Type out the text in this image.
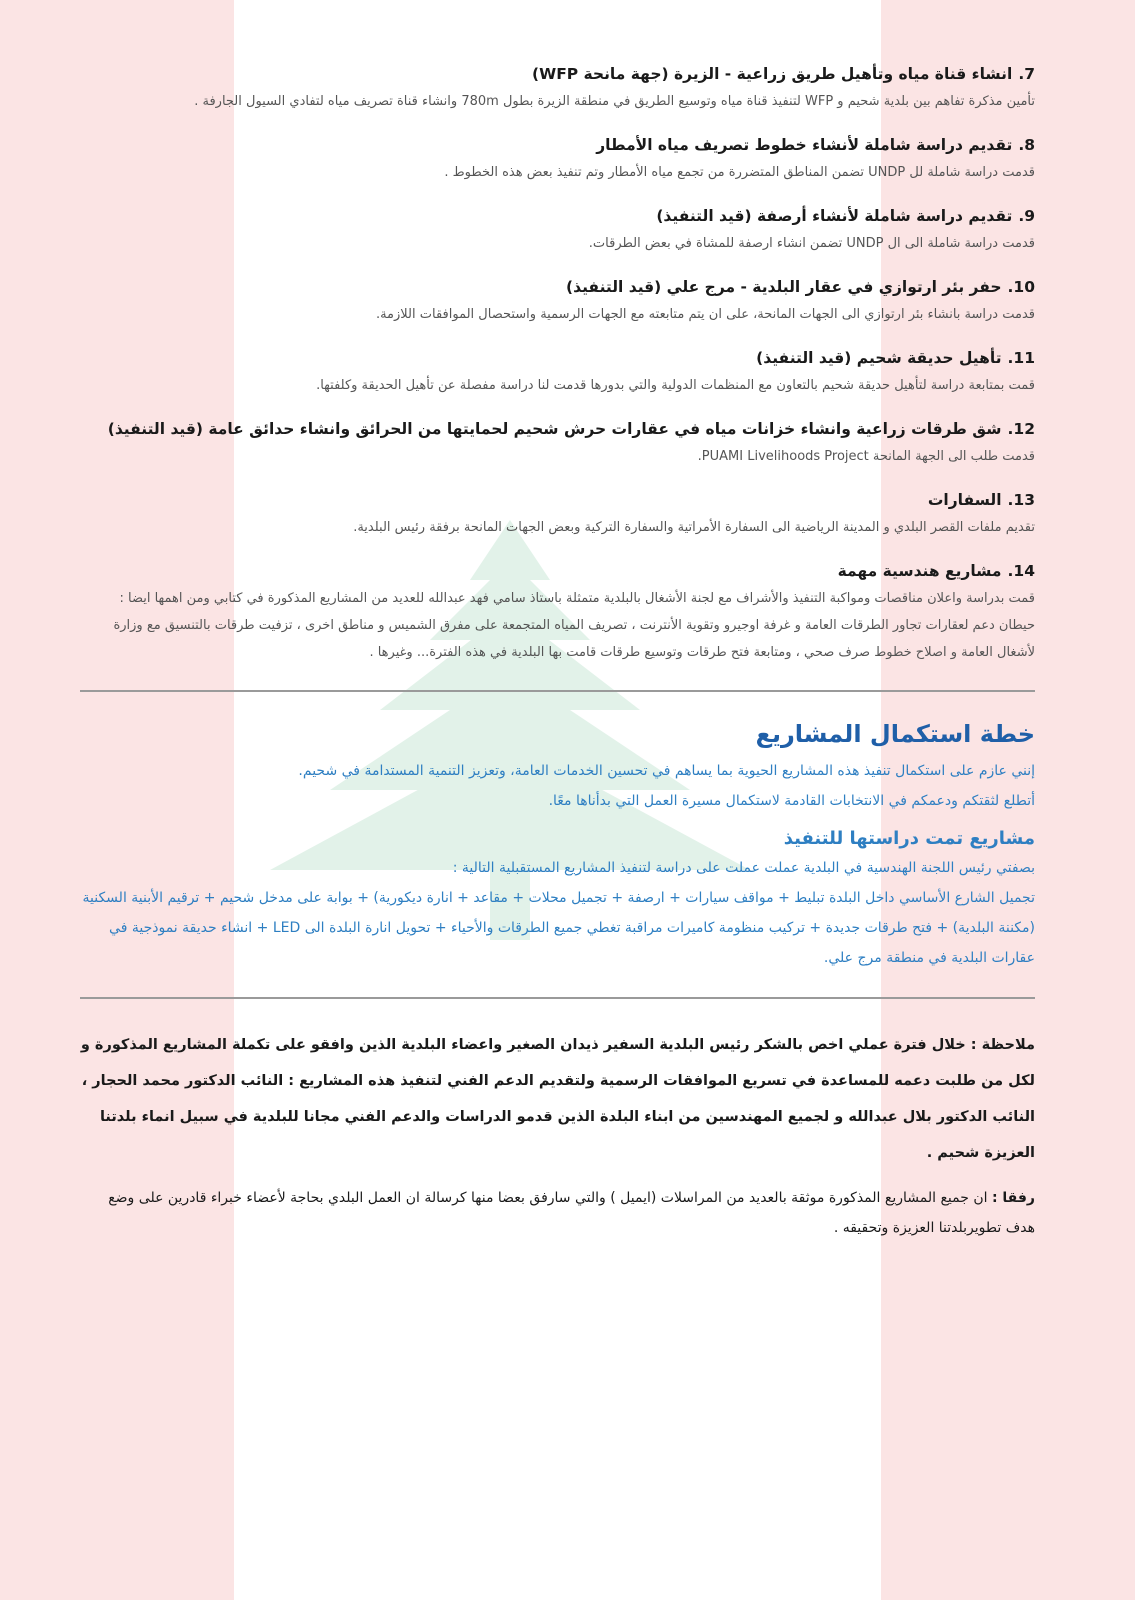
7.
انشاء قناة مياه وتأهيل طريق زراعية - الزيرة (جهة مانحة WFP)

تأمين مذكرة تفاهم بين بلدية شحيم و WFP لتنفيذ قناة مياه وتوسيع الطريق في منطقة الزيرة بطول 780m وانشاء قناة تصريف مياه لتفادي السيول الجارفة .

8.
تقديم دراسة شاملة لأنشاء خطوط تصريف مياه الأمطار

قدمت دراسة شاملة لل UNDP تضمن المناطق المتضررة من تجمع مياه الأمطار وتم تنفيذ بعض هذه الخطوط .

9.
تقديم دراسة شاملة لأنشاء أرصفة (قيد التنفيذ)

قدمت دراسة شاملة الى ال UNDP تضمن انشاء ارصفة للمشاة في بعض الطرقات.

10.
حفر بئر ارتوازي في عقار البلدية - مرج علي (قيد التنفيذ)

قدمت دراسة بانشاء بئر ارتوازي الى الجهات المانحة، على ان يتم متابعته مع الجهات الرسمية واستحصال الموافقات اللازمة.

11.
تأهيل حديقة شحيم (قيد التنفيذ)

قمت بمتابعة دراسة لتأهيل حديقة شحيم بالتعاون مع المنظمات الدولية والتي بدورها قدمت لنا دراسة مفصلة عن تأهيل الحديقة وكلفتها.

12.
شق طرقات زراعية وانشاء خزانات مياه في عقارات حرش شحيم لحمايتها من الحرائق وانشاء حدائق عامة (قيد التنفيذ)

قدمت طلب الى الجهة المانحة PUAMI Livelihoods Project.

13.
السفارات

تقديم ملفات القصر البلدي و المدينة الرياضية الى السفارة الأمراتية والسفارة التركية وبعض الجهات المانحة برفقة رئيس البلدية.

14.
مشاريع هندسية مهمة

قمت بدراسة واعلان مناقصات ومواكبة التنفيذ والأشراف مع لجنة الأشغال بالبلدية متمثلة باستاذ سامي فهد عبدالله للعديد من المشاريع المذكورة في كتابي ومن اهمها ايضا : حيطان دعم لعقارات تجاور الطرقات العامة و غرفة اوجيرو وتقوية الأنترنت ، تصريف المياه المتجمعة على مفرق الشميس و مناطق اخرى ، تزفيت طرقات بالتنسيق مع وزارة لأشغال العامة و اصلاح خطوط صرف صحي ، ومتابعة فتح طرقات وتوسيع طرقات قامت بها البلدية في هذه الفترة... وغيرها .

خطة استكمال المشاريع

إنني عازم على استكمال تنفيذ هذه المشاريع الحيوية بما يساهم في تحسين الخدمات العامة، وتعزيز التنمية المستدامة في شحيم.

أتطلع لثقتكم ودعمكم في الانتخابات القادمة لاستكمال مسيرة العمل التي بدأناها معًا.

مشاريع تمت دراستها للتنفيذ

بصفتي رئيس اللجنة الهندسية في البلدية عملت عملت على دراسة لتنفيذ المشاريع المستقبلية التالية :

تجميل الشارع الأساسي داخل البلدة تبليط + مواقف سيارات + ارصفة + تجميل محلات + مقاعد + انارة ديكورية) + بوابة على مدخل شحيم + ترقيم الأبنية السكنية (مكننة البلدية) + فتح طرقات جديدة + تركيب منظومة كاميرات مراقبة تغطي جميع الطرقات والأحياء + تحويل انارة البلدة الى LED + انشاء حديقة نموذجية في عقارات البلدية في منطقة مرج علي.

ملاحظة : خلال فترة عملي اخص بالشكر رئيس البلدية السفير ذيدان الصغير واعضاء البلدية الذين وافقو على تكملة المشاريع المذكورة و لكل من طلبت دعمه للمساعدة في تسريع الموافقات الرسمية ولتقديم الدعم الفني لتنفيذ هذه المشاريع : النائب الدكتور محمد الحجار ، النائب الدكتور بلال عبدالله و لجميع المهندسين من ابناء البلدة الذين قدمو الدراسات والدعم الفني مجانا للبلدية في سبيل انماء بلدتنا العزيزة شحيم .

رفقا : ان جميع المشاريع المذكورة موثقة بالعديد من المراسلات (ايميل ) والتي سارفق بعضا منها كرسالة ان العمل البلدي بحاجة لأعضاء خبراء قادرين على وضع هدف تطويربلدتنا العزيزة وتحقيقه .
